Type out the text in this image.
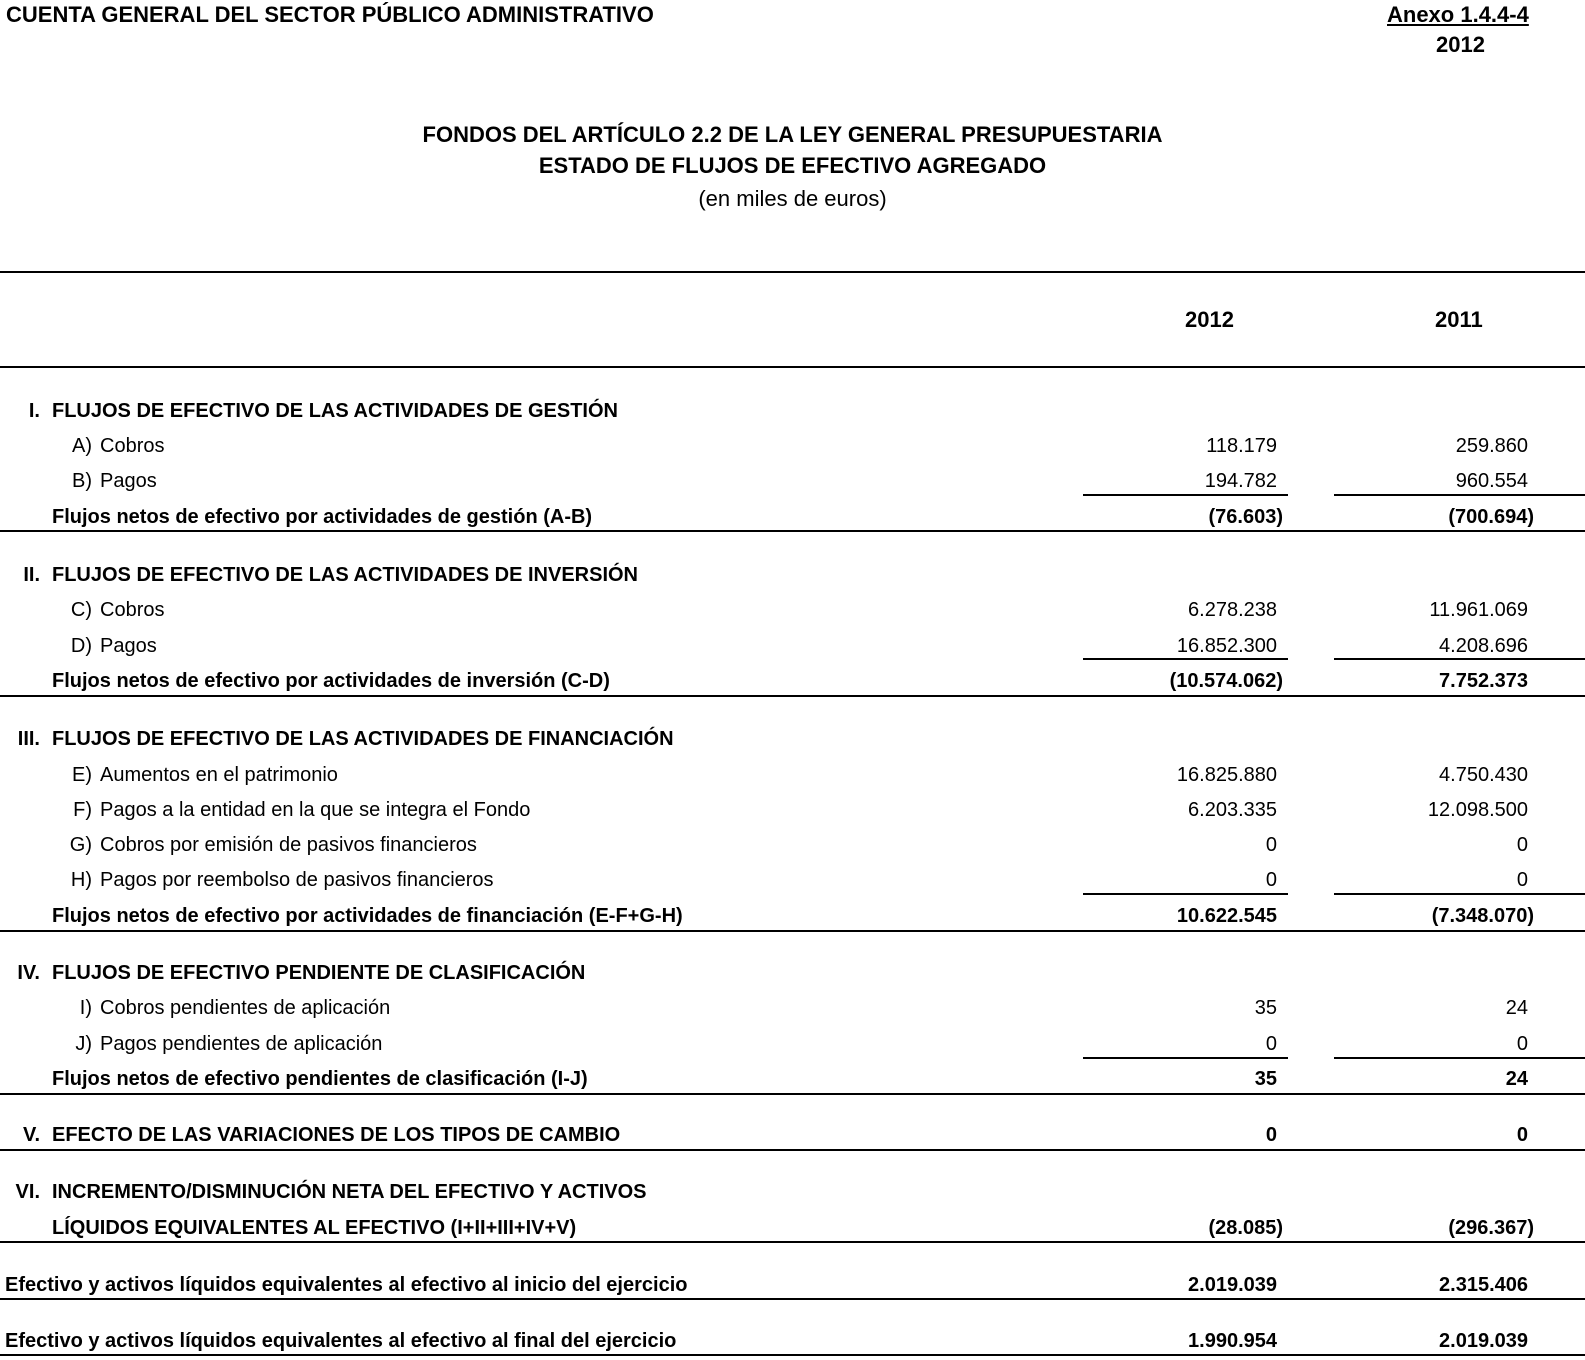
CUENTA GENERAL DEL SECTOR PÚBLICO ADMINISTRATIVO	Anexo 1.4.4-4
2012
FONDOS DEL ARTÍCULO 2.2 DE LA LEY GENERAL PRESUPUESTARIA
ESTADO DE FLUJOS DE EFECTIVO AGREGADO
(en miles de euros)
2012	2011
I. FLUJOS DE EFECTIVO DE LAS ACTIVIDADES DE GESTIÓN
A) Cobros	118.179	259.860
B) Pagos	194.782	960.554
Flujos netos de efectivo por actividades de gestión (A-B)	(76.603)	(700.694)
II. FLUJOS DE EFECTIVO DE LAS ACTIVIDADES DE INVERSIÓN
C) Cobros	6.278.238	11.961.069
D) Pagos	16.852.300	4.208.696
Flujos netos de efectivo por actividades de inversión (C-D)	(10.574.062)	7.752.373
III. FLUJOS DE EFECTIVO DE LAS ACTIVIDADES DE FINANCIACIÓN
E) Aumentos en el patrimonio	16.825.880	4.750.430
F) Pagos a la entidad en la que se integra el Fondo	6.203.335	12.098.500
G) Cobros por emisión de pasivos financieros	0	0
H) Pagos por reembolso de pasivos financieros	0	0
Flujos netos de efectivo por actividades de financiación (E-F+G-H)	10.622.545	(7.348.070)
IV. FLUJOS DE EFECTIVO PENDIENTE DE CLASIFICACIÓN
I) Cobros pendientes de aplicación	35	24
J) Pagos pendientes de aplicación	0	0
Flujos netos de efectivo pendientes de clasificación (I-J)	35	24
V. EFECTO DE LAS VARIACIONES DE LOS TIPOS DE CAMBIO	0	0
VI. INCREMENTO/DISMINUCIÓN NETA DEL EFECTIVO Y ACTIVOS
LÍQUIDOS EQUIVALENTES AL EFECTIVO (I+II+III+IV+V)	(28.085)	(296.367)
Efectivo y activos líquidos equivalentes al efectivo al inicio del ejercicio	2.019.039	2.315.406
Efectivo y activos líquidos equivalentes al efectivo al final del ejercicio	1.990.954	2.019.039
